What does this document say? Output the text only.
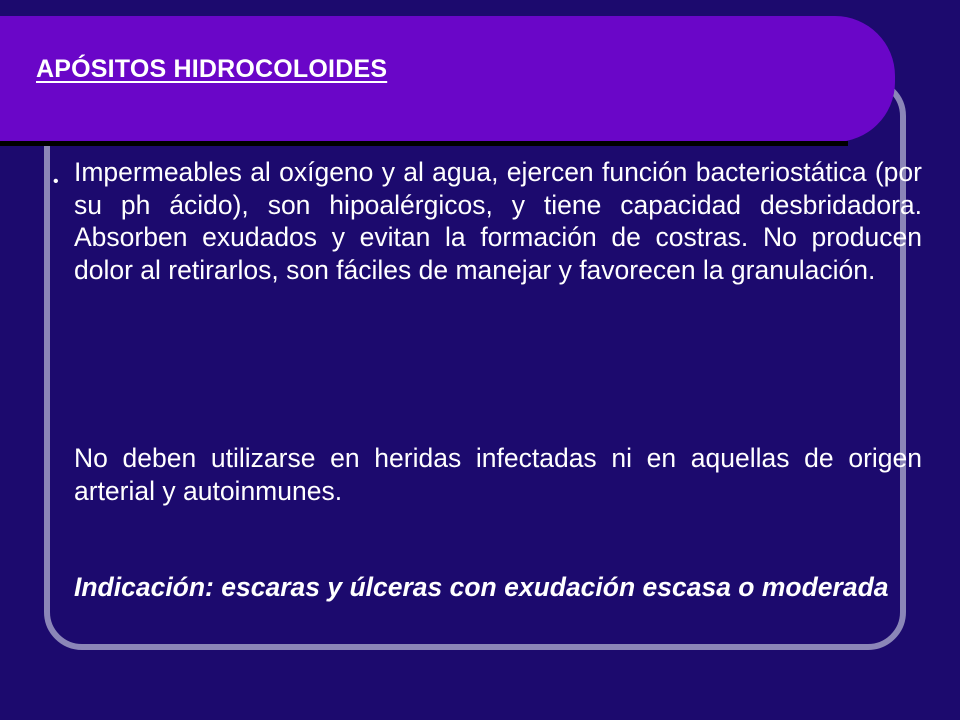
APÓSITOS HIDROCOLOIDES
• Impermeables al oxígeno y al agua, ejercen función bacteriostática (por su ph ácido), son hipoalérgicos, y tiene capacidad desbridadora. Absorben exudados y evitan la formación de costras. No producen dolor al retirarlos, son fáciles de manejar y favorecen la granulación.

No deben utilizarse en heridas infectadas ni en aquellas de origen arterial y autoinmunes.

Indicación: escaras y úlceras con exudación escasa o moderada
